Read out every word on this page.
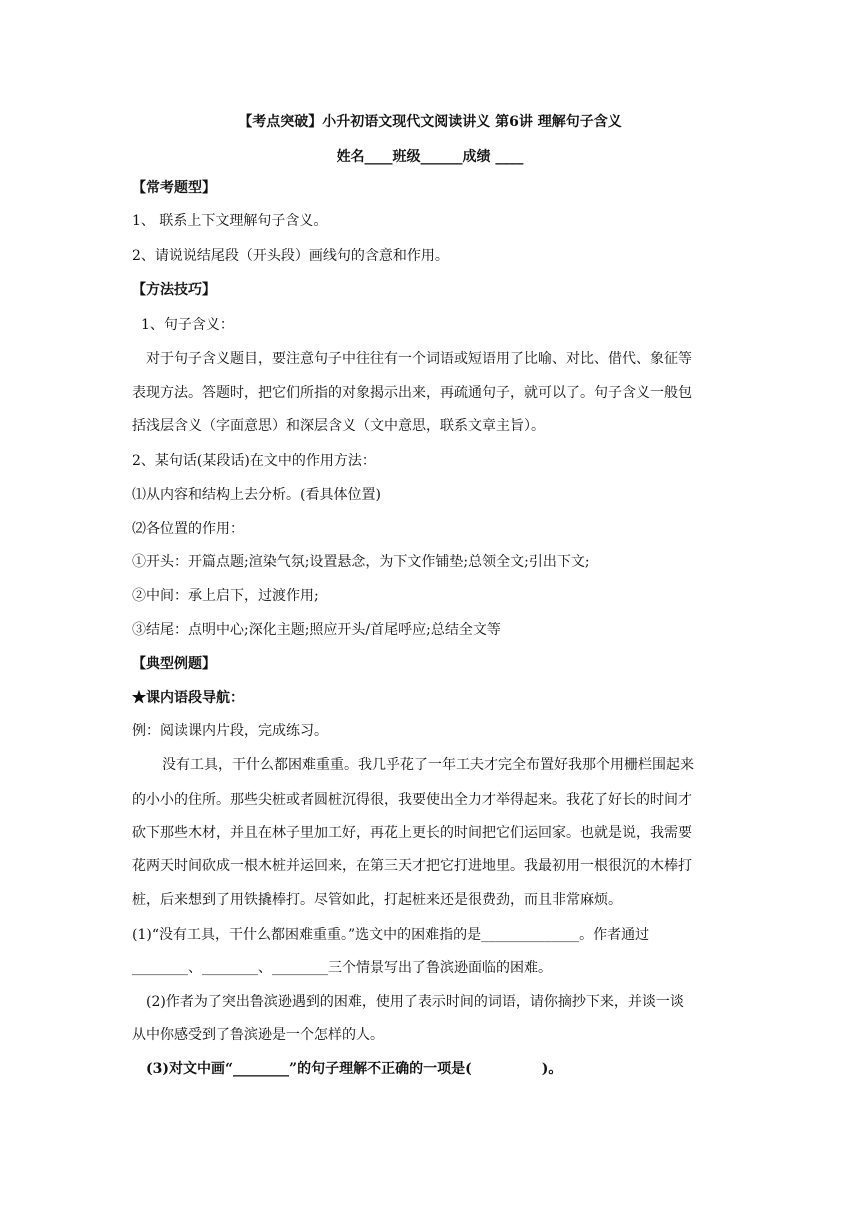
【考点突破】小升初语文现代文阅读讲义 第6讲 理解句子含义
姓名____班级______成绩 ____
【常考题型】
1、 联系上下文理解句子含义。
2、请说说结尾段（开头段）画线句的含意和作用。
【方法技巧】
1、句子含义：
对于句子含义题目，要注意句子中往往有一个词语或短语用了比喻、对比、借代、象征等
表现方法。答题时，把它们所指的对象揭示出来，再疏通句子，就可以了。句子含义一般包
括浅层含义（字面意思）和深层含义（文中意思，联系文章主旨）。
2、某句话(某段话)在文中的作用方法：
⑴从内容和结构上去分析。(看具体位置)
⑵各位置的作用：
①开头：开篇点题;渲染气氛;设置悬念，为下文作铺垫;总领全文;引出下文;
②中间：承上启下，过渡作用;
③结尾：点明中心;深化主题;照应开头/首尾呼应;总结全文等
【典型例题】
★课内语段导航：
例：阅读课内片段，完成练习。
没有工具，干什么都困难重重。我几乎花了一年工夫才完全布置好我那个用栅栏围起来
的小小的住所。那些尖桩或者圆桩沉得很，我要使出全力才举得起来。我花了好长的时间才
砍下那些木材，并且在林子里加工好，再花上更长的时间把它们运回家。也就是说，我需要
花两天时间砍成一根木桩并运回来，在第三天才把它打进地里。我最初用一根很沉的木棒打
桩，后来想到了用铁撬棒打。尽管如此，打起桩来还是很费劲，而且非常麻烦。
(1)“没有工具，干什么都困难重重。”选文中的困难指的是______________。作者通过
________、________、________三个情景写出了鲁滨逊面临的困难。
(2)作者为了突出鲁滨逊遇到的困难，使用了表示时间的词语，请你摘抄下来，并谈一谈
从中你感受到了鲁滨逊是一个怎样的人。
(3)对文中画“________”的句子理解不正确的一项是(　　　　　)。
